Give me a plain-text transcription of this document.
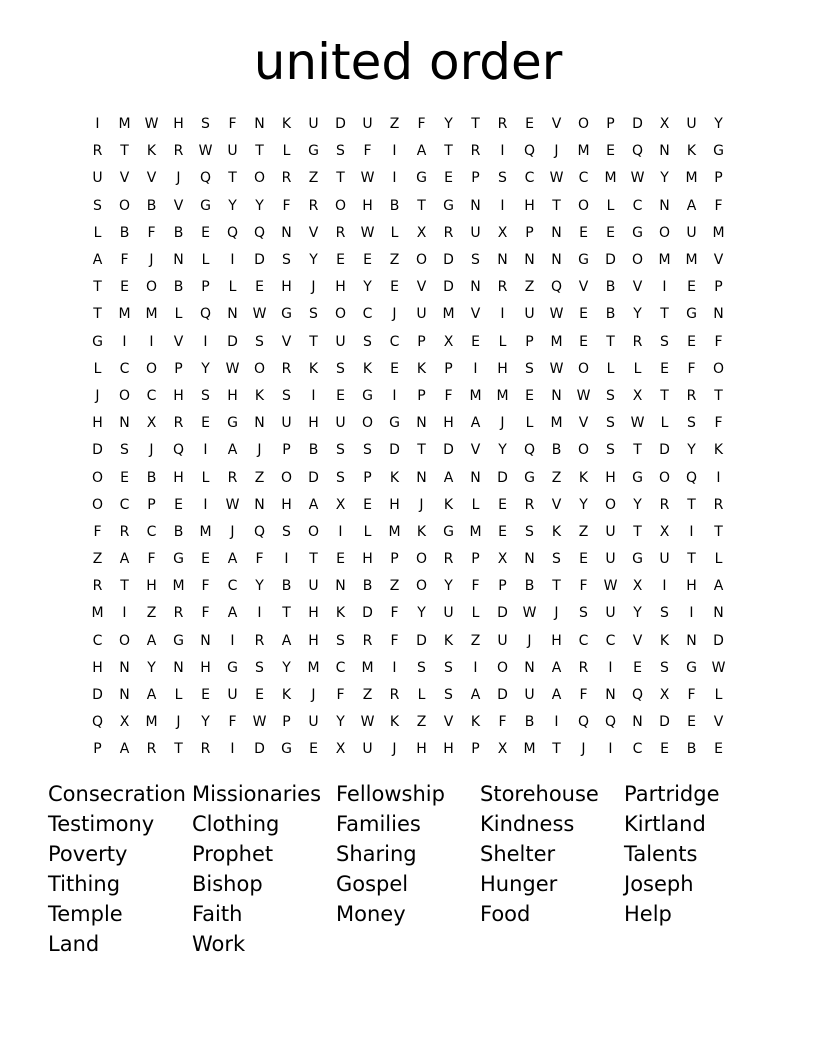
united order
I	M	W	H	S	F	N	K	U	D	U	Z	F	Y	T	R	E	V	O	P	D	X	U	Y
R	T	K	R	W	U	T	L	G	S	F	I	A	T	R	I	Q	J	M	E	Q	N	K	G
U	V	V	J	Q	T	O	R	Z	T	W	I	G	E	P	S	C	W	C	M	W	Y	M	P
S	O	B	V	G	Y	Y	F	R	O	H	B	T	G	N	I	H	T	O	L	C	N	A	F
L	B	F	B	E	Q	Q	N	V	R	W	L	X	R	U	X	P	N	E	E	G	O	U	M
A	F	J	N	L	I	D	S	Y	E	E	Z	O	D	S	N	N	N	G	D	O	M	M	V
T	E	O	B	P	L	E	H	J	H	Y	E	V	D	N	R	Z	Q	V	B	V	I	E	P
T	M	M	L	Q	N	W	G	S	O	C	J	U	M	V	I	U	W	E	B	Y	T	G	N
G	I	I	V	I	D	S	V	T	U	S	C	P	X	E	L	P	M	E	T	R	S	E	F
L	C	O	P	Y	W	O	R	K	S	K	E	K	P	I	H	S	W	O	L	L	E	F	O
J	O	C	H	S	H	K	S	I	E	G	I	P	F	M	M	E	N	W	S	X	T	R	T
H	N	X	R	E	G	N	U	H	U	O	G	N	H	A	J	L	M	V	S	W	L	S	F
D	S	J	Q	I	A	J	P	B	S	S	D	T	D	V	Y	Q	B	O	S	T	D	Y	K
O	E	B	H	L	R	Z	O	D	S	P	K	N	A	N	D	G	Z	K	H	G	O	Q	I
O	C	P	E	I	W	N	H	A	X	E	H	J	K	L	E	R	V	Y	O	Y	R	T	R
F	R	C	B	M	J	Q	S	O	I	L	M	K	G	M	E	S	K	Z	U	T	X	I	T
Z	A	F	G	E	A	F	I	T	E	H	P	O	R	P	X	N	S	E	U	G	U	T	L
R	T	H	M	F	C	Y	B	U	N	B	Z	O	Y	F	P	B	T	F	W	X	I	H	A
M	I	Z	R	F	A	I	T	H	K	D	F	Y	U	L	D	W	J	S	U	Y	S	I	N
C	O	A	G	N	I	R	A	H	S	R	F	D	K	Z	U	J	H	C	C	V	K	N	D
H	N	Y	N	H	G	S	Y	M	C	M	I	S	S	I	O	N	A	R	I	E	S	G	W
D	N	A	L	E	U	E	K	J	F	Z	R	L	S	A	D	U	A	F	N	Q	X	F	L
Q	X	M	J	Y	F	W	P	U	Y	W	K	Z	V	K	F	B	I	Q	Q	N	D	E	V
P	A	R	T	R	I	D	G	E	X	U	J	H	H	P	X	M	T	J	I	C	E	B	E
Consecration
Testimony
Poverty
Tithing
Temple
Land
Missionaries
Clothing
Prophet
Bishop
Faith
Work
Fellowship
Families
Sharing
Gospel
Money
Storehouse
Kindness
Shelter
Hunger
Food
Partridge
Kirtland
Talents
Joseph
Help
